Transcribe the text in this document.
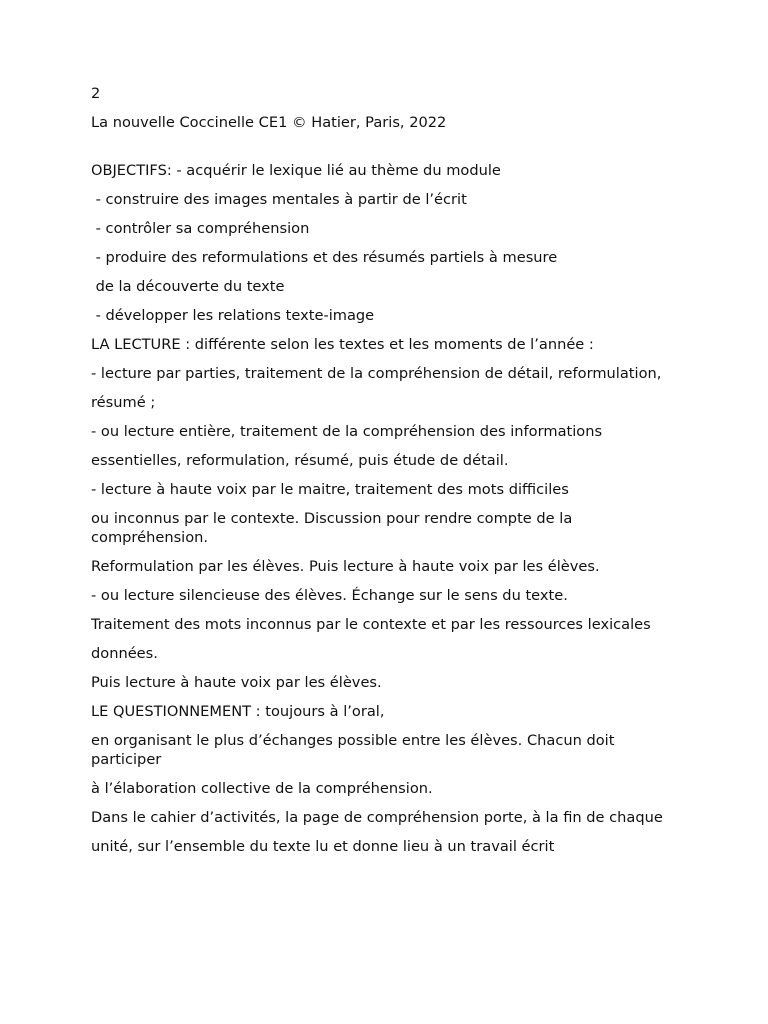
2

La nouvelle Coccinelle CE1 © Hatier, Paris, 2022

OBJECTIFS: - acquérir le lexique lié au thème du module

- construire des images mentales à partir de l’écrit

- contrôler sa compréhension

- produire des reformulations et des résumés partiels à mesure

de la découverte du texte

- développer les relations texte-image

LA LECTURE : différente selon les textes et les moments de l’année :

- lecture par parties, traitement de la compréhension de détail, reformulation,

résumé ;

- ou lecture entière, traitement de la compréhension des informations

essentielles, reformulation, résumé, puis étude de détail.

- lecture à haute voix par le maitre, traitement des mots difficiles

ou inconnus par le contexte. Discussion pour rendre compte de la compréhension.

Reformulation par les élèves. Puis lecture à haute voix par les élèves.

- ou lecture silencieuse des élèves. Échange sur le sens du texte.

Traitement des mots inconnus par le contexte et par les ressources lexicales

données.

Puis lecture à haute voix par les élèves.

LE QUESTIONNEMENT : toujours à l’oral,

en organisant le plus d’échanges possible entre les élèves. Chacun doit participer

à l’élaboration collective de la compréhension.

Dans le cahier d’activités, la page de compréhension porte, à la fin de chaque

unité, sur l’ensemble du texte lu et donne lieu à un travail écrit
